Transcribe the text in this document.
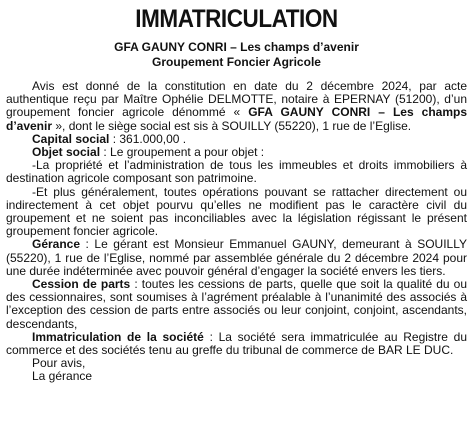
IMMATRICULATION
GFA GAUNY CONRI – Les champs d’avenir
Groupement Foncier Agricole

Avis est donné de la constitution en date du 2 décembre 2024, par acte authentique reçu par Maître Ophélie DELMOTTE, notaire à EPERNAY (51200), d’un groupement foncier agricole dénommé « GFA GAUNY CONRI – Les champs d’avenir », dont le siège social est sis à SOUILLY (55220), 1 rue de l’Eglise.

Capital social : 361.000,00 .

Objet social : Le groupement a pour objet :

-La propriété et l’administration de tous les immeubles et droits immobiliers à destination agricole composant son patrimoine.

-Et plus généralement, toutes opérations pouvant se rattacher directement ou indirectement à cet objet pourvu qu’elles ne modifient pas le caractère civil du groupement et ne soient pas inconciliables avec la législation régissant le présent groupement foncier agricole.

Gérance : Le gérant est Monsieur Emmanuel GAUNY, demeurant à SOUILLY (55220), 1 rue de l’Eglise, nommé par assemblée générale du 2 décembre 2024 pour une durée indéterminée avec pouvoir général d’engager la société envers les tiers.

Cession de parts : toutes les cessions de parts, quelle que soit la qualité du ou des cessionnaires, sont soumises à l’agrément préalable à l’unanimité des associés à l’exception des cession de parts entre associés ou leur conjoint, conjoint, ascendants, descendants,

Immatriculation de la société : La société sera immatriculée au Registre du commerce et des sociétés tenu au greffe du tribunal de commerce de BAR LE DUC.

Pour avis,

La gérance
